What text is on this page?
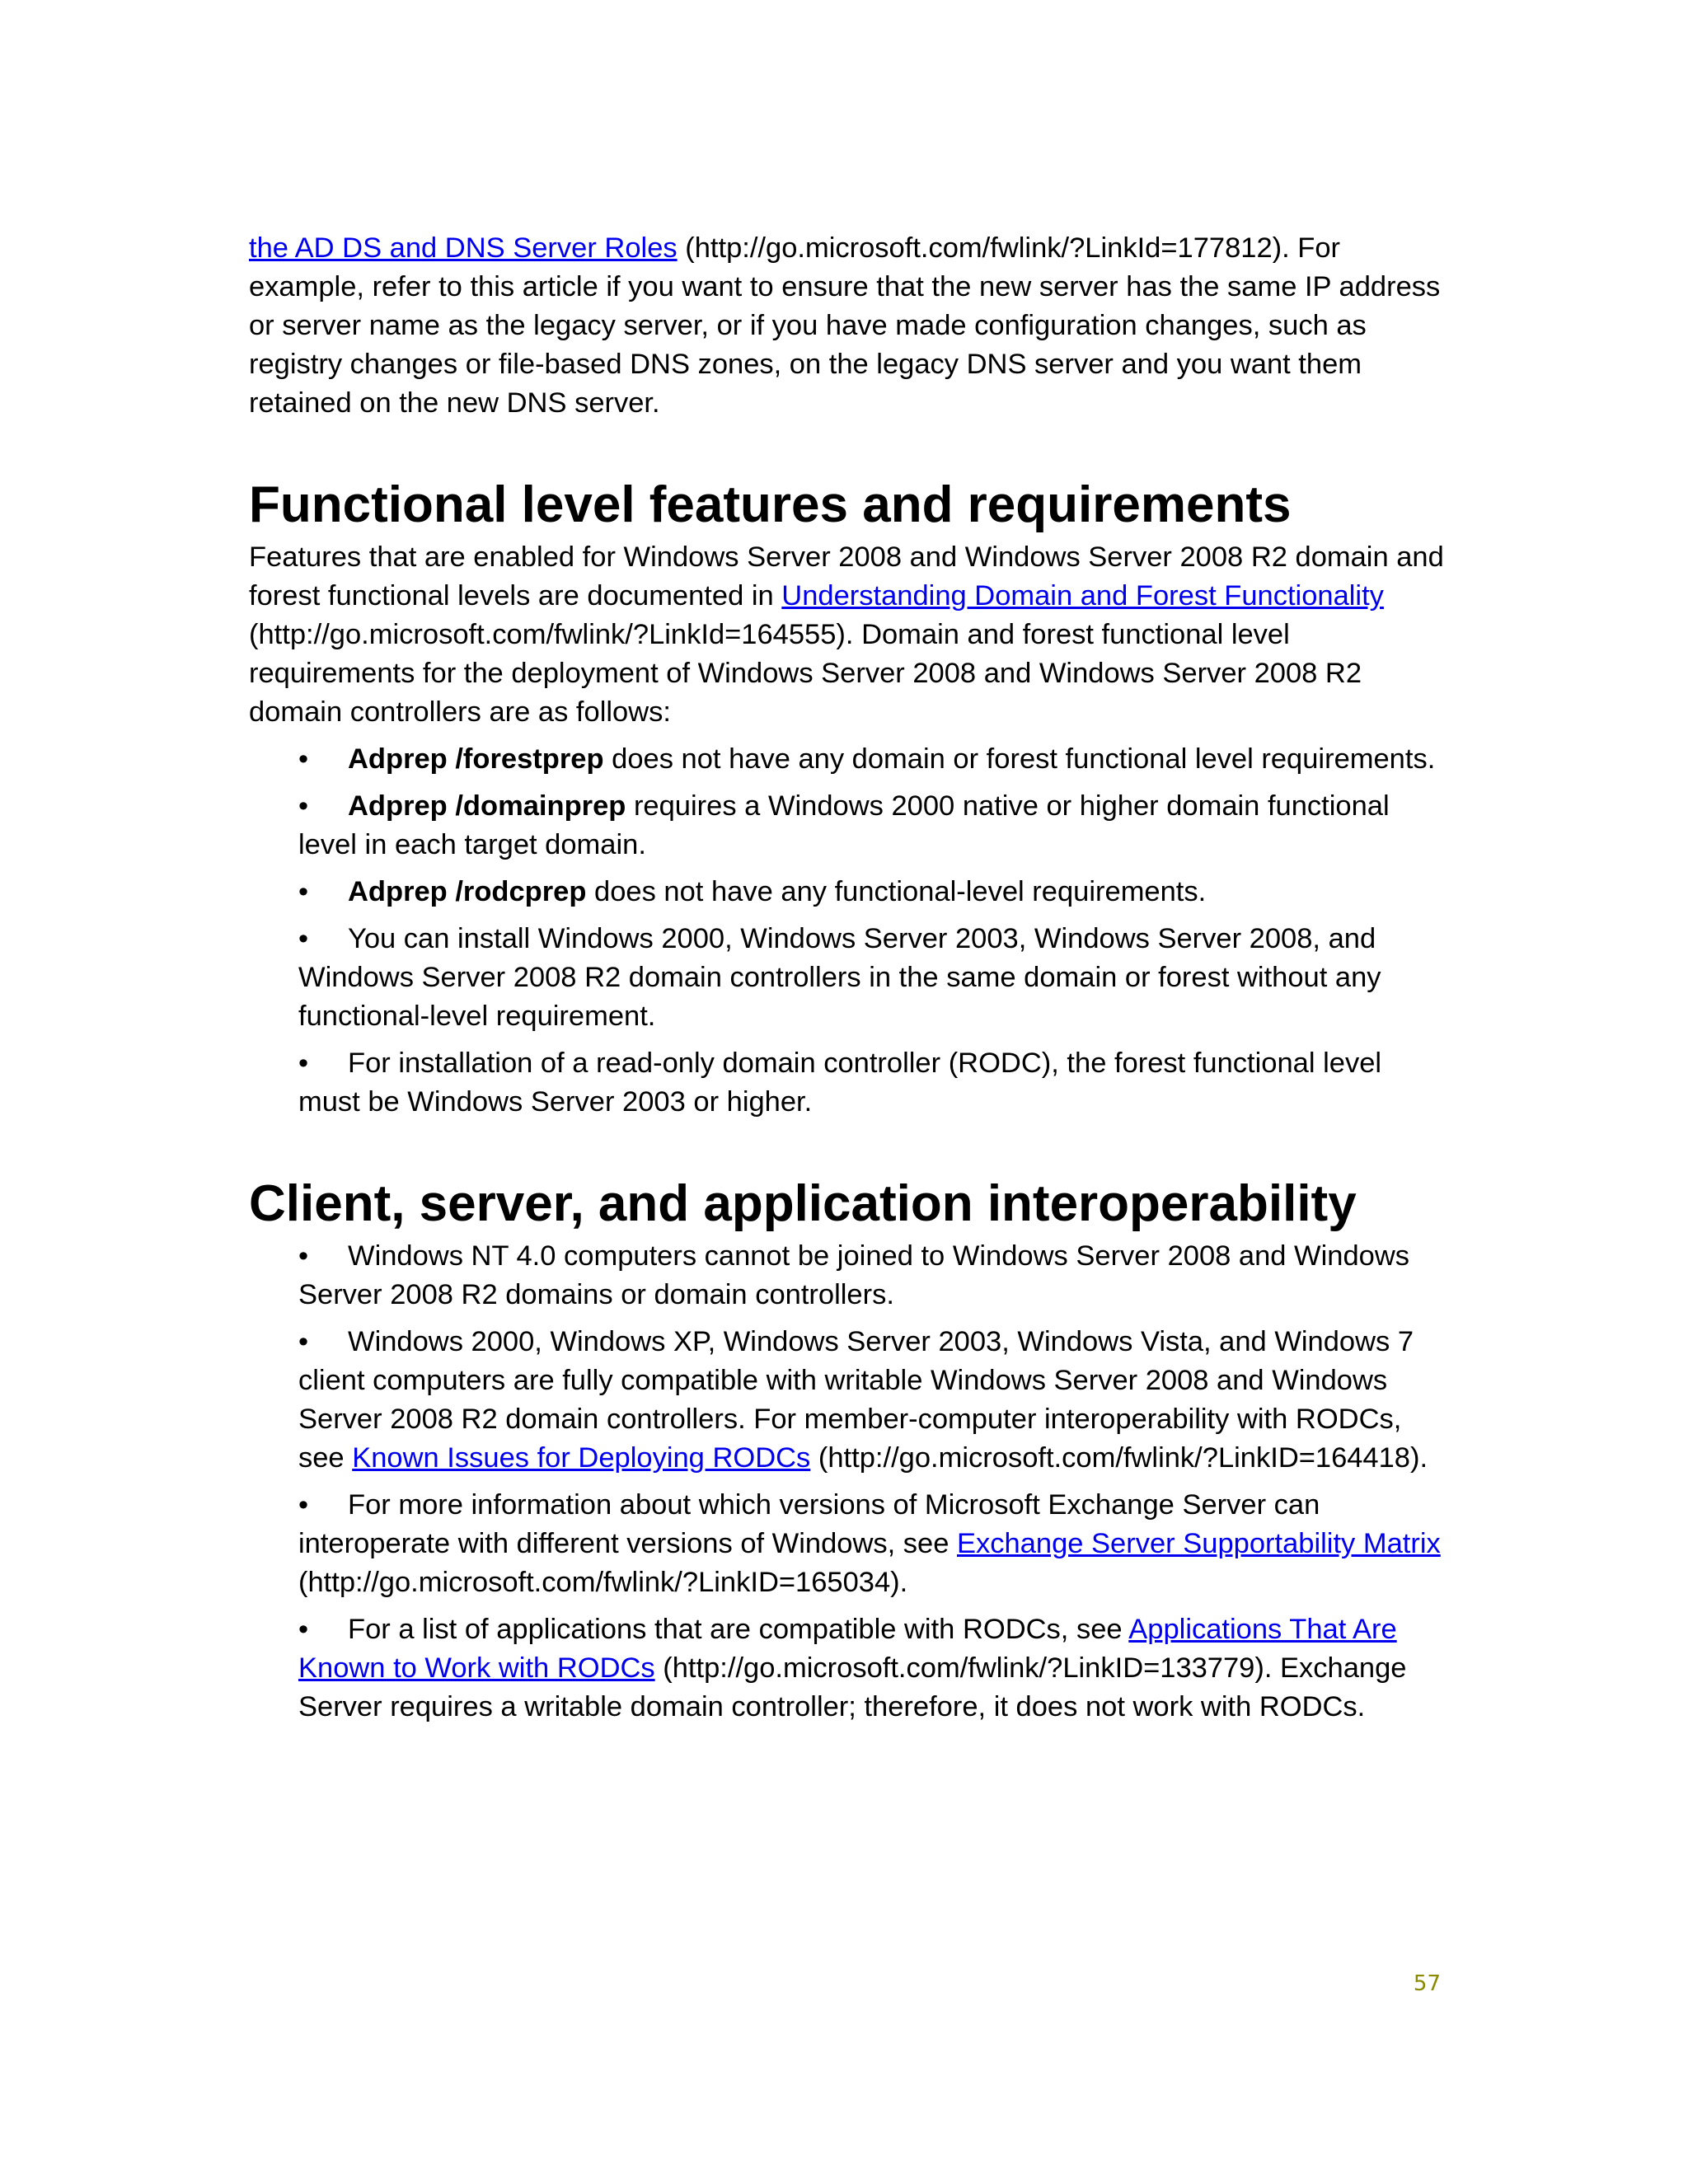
the AD DS and DNS Server Roles (http://go.microsoft.com/fwlink/?LinkId=177812). For example, refer to this article if you want to ensure that the new server has the same IP address or server name as the legacy server, or if you have made configuration changes, such as registry changes or file-based DNS zones, on the legacy DNS server and you want them retained on the new DNS server.

Functional level features and requirements

Features that are enabled for Windows Server 2008 and Windows Server 2008 R2 domain and forest functional levels are documented in Understanding Domain and Forest Functionality (http://go.microsoft.com/fwlink/?LinkId=164555). Domain and forest functional level requirements for the deployment of Windows Server 2008 and Windows Server 2008 R2 domain controllers are as follows:

• Adprep /forestprep does not have any domain or forest functional level requirements.
• Adprep /domainprep requires a Windows 2000 native or higher domain functional level in each target domain.
• Adprep /rodcprep does not have any functional-level requirements.
• You can install Windows 2000, Windows Server 2003, Windows Server 2008, and Windows Server 2008 R2 domain controllers in the same domain or forest without any functional-level requirement.
• For installation of a read-only domain controller (RODC), the forest functional level must be Windows Server 2003 or higher.
Client, server, and application interoperability
• Windows NT 4.0 computers cannot be joined to Windows Server 2008 and Windows Server 2008 R2 domains or domain controllers.
• Windows 2000, Windows XP, Windows Server 2003, Windows Vista, and Windows 7 client computers are fully compatible with writable Windows Server 2008 and Windows Server 2008 R2 domain controllers. For member-computer interoperability with RODCs, see Known Issues for Deploying RODCs (http://go.microsoft.com/fwlink/?LinkID=164418).
• For more information about which versions of Microsoft Exchange Server can interoperate with different versions of Windows, see Exchange Server Supportability Matrix (http://go.microsoft.com/fwlink/?LinkID=165034).
• For a list of applications that are compatible with RODCs, see Applications That Are Known to Work with RODCs (http://go.microsoft.com/fwlink/?LinkID=133779). Exchange Server requires a writable domain controller; therefore, it does not work with RODCs.
57
